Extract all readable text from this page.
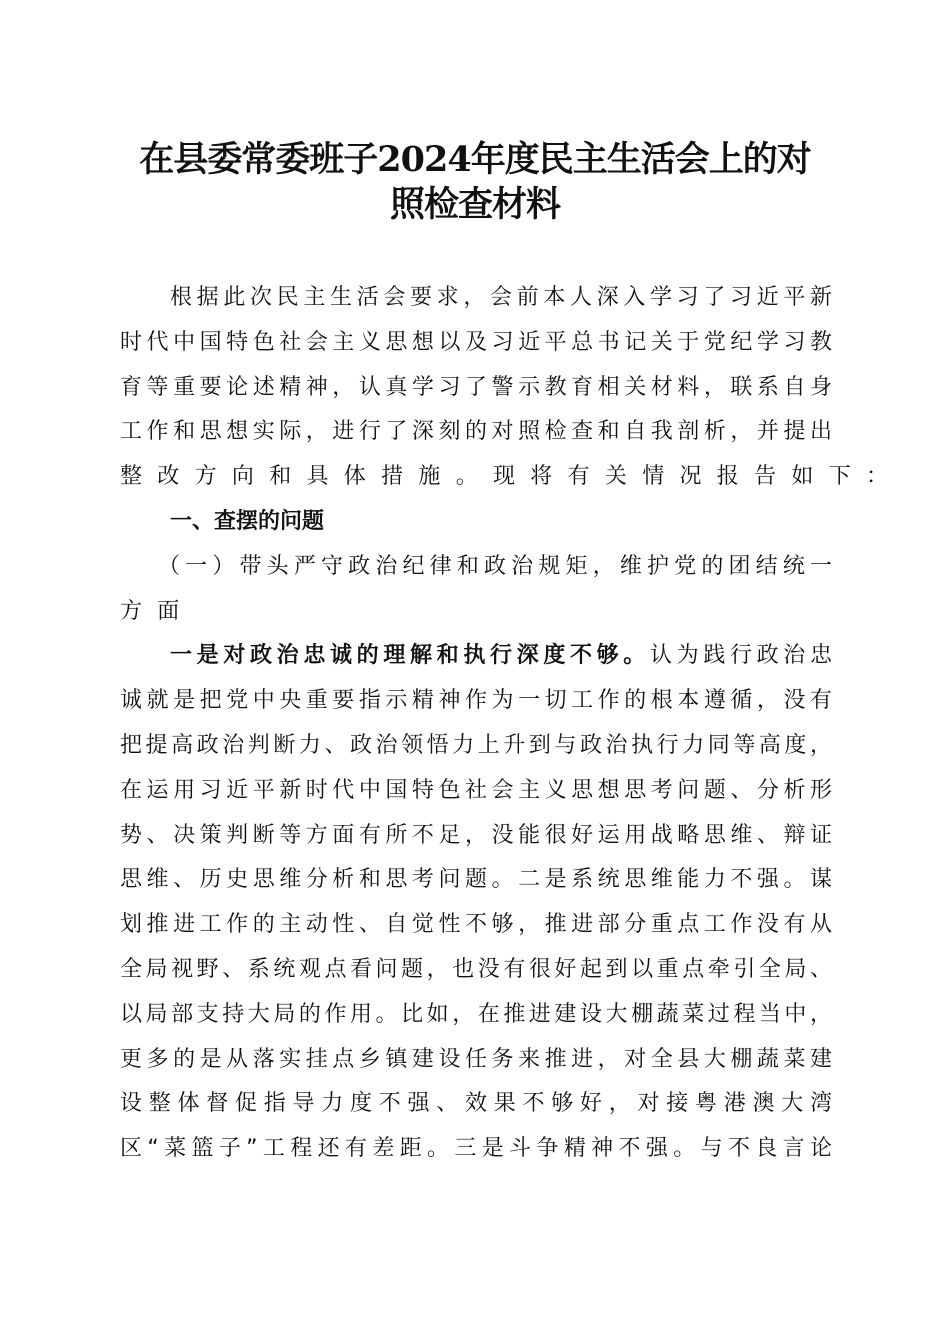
在县委常委班子2024年度民主生活会上的对
照检查材料
根据此次民主生活会要求，会前本人深入学习了习近平新
时代中国特色社会主义思想以及习近平总书记关于党纪学习教
育等重要论述精神，认真学习了警示教育相关材料，联系自身
工作和思想实际，进行了深刻的对照检查和自我剖析，并提出
整改方向和具体措施。现将有关情况报告如下：
一、查摆的问题
（一）带头严守政治纪律和政治规矩，维护党的团结统一
方面
一是对政治忠诚的理解和执行深度不够。认为践行政治忠
诚就是把党中央重要指示精神作为一切工作的根本遵循，没有
把提高政治判断力、政治领悟力上升到与政治执行力同等高度，
在运用习近平新时代中国特色社会主义思想思考问题、分析形
势、决策判断等方面有所不足，没能很好运用战略思维、辩证
思维、历史思维分析和思考问题。二是系统思维能力不强。谋
划推进工作的主动性、自觉性不够，推进部分重点工作没有从
全局视野、系统观点看问题，也没有很好起到以重点牵引全局、
以局部支持大局的作用。比如，在推进建设大棚蔬菜过程当中，
更多的是从落实挂点乡镇建设任务来推进，对全县大棚蔬菜建
设整体督促指导力度不强、效果不够好，对接粤港澳大湾
区“菜篮子”工程还有差距。三是斗争精神不强。与不良言论
